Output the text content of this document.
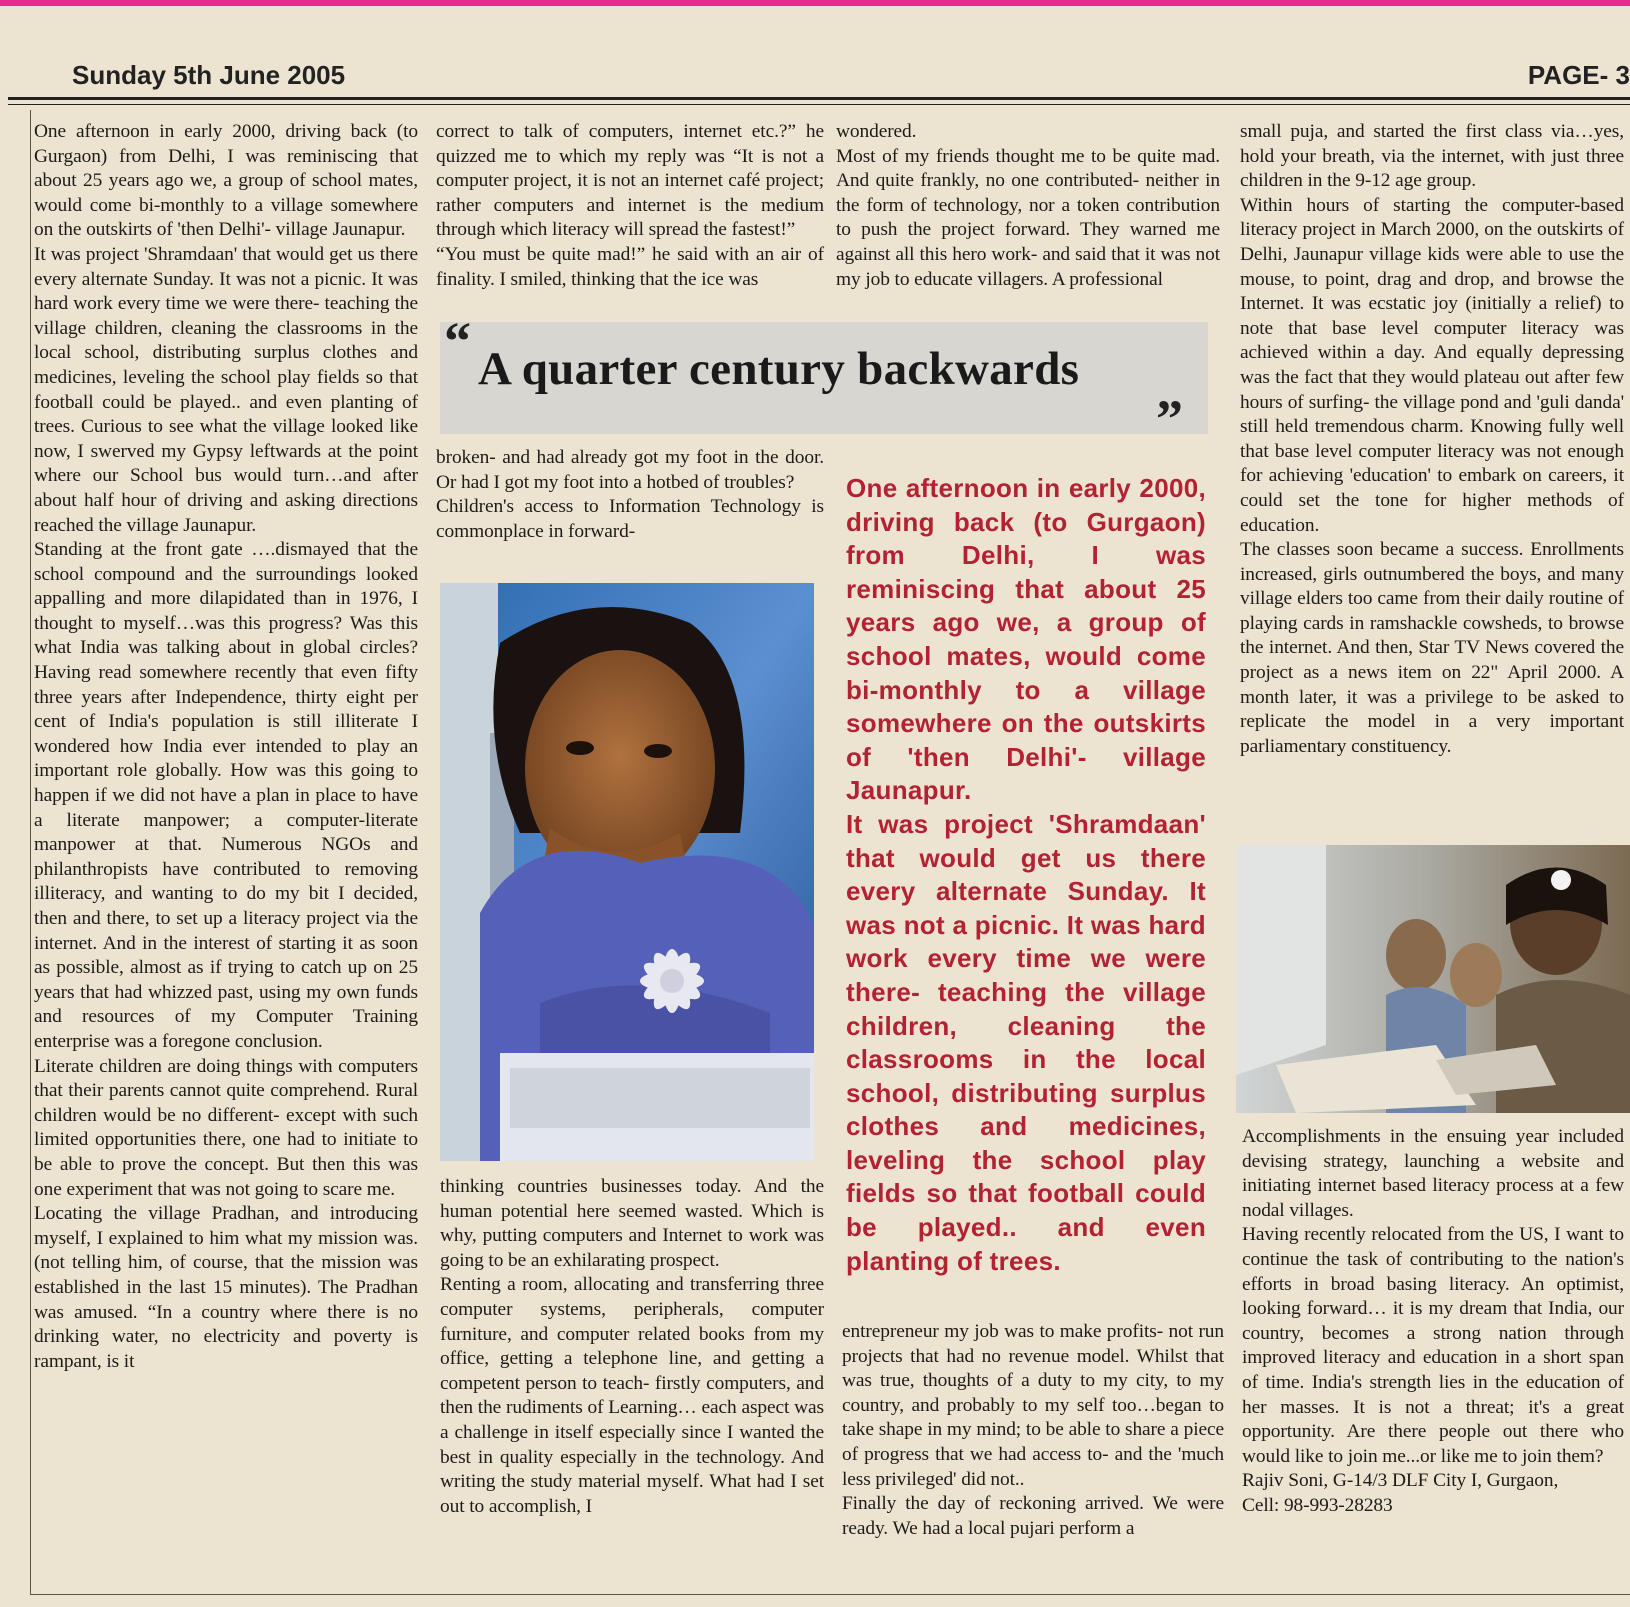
Sunday 5th June 2005	PAGE- 3

One afternoon in early 2000, driving back (to Gurgaon) from Delhi, I was reminiscing that about 25 years ago we, a group of school mates, would come bi-monthly to a village somewhere on the outskirts of 'then Delhi'- village Jaunapur.

It was project 'Shramdaan' that would get us there every alternate Sunday. It was not a picnic. It was hard work every time we were there- teaching the village children, cleaning the classrooms in the local school, distributing surplus clothes and medicines, leveling the school play fields so that football could be played.. and even planting of trees. Curious to see what the village looked like now, I swerved my Gypsy leftwards at the point where our School bus would turn…and after about half hour of driving and asking directions reached the village Jaunapur.

Standing at the front gate ….dismayed that the school compound and the surroundings looked appalling and more dilapidated than in 1976, I thought to myself…was this progress? Was this what India was talking about in global circles? Having read somewhere recently that even fifty three years after Independence, thirty eight per cent of India's population is still illiterate I wondered how India ever intended to play an important role globally. How was this going to happen if we did not have a plan in place to have a literate manpower; a computer-literate manpower at that. Numerous NGOs and philanthropists have contributed to removing illiteracy, and wanting to do my bit I decided, then and there, to set up a literacy project via the internet. And in the interest of starting it as soon as possible, almost as if trying to catch up on 25 years that had whizzed past, using my own funds and resources of my Computer Training enterprise was a foregone conclusion.

Literate children are doing things with computers that their parents cannot quite comprehend. Rural children would be no different- except with such limited opportunities there, one had to initiate to be able to prove the concept. But then this was one experiment that was not going to scare me.

Locating the village Pradhan, and introducing myself, I explained to him what my mission was. (not telling him, of course, that the mission was established in the last 15 minutes). The Pradhan was amused. “In a country where there is no drinking water, no electricity and poverty is rampant, is it

correct to talk of computers, internet etc.?” he quizzed me to which my reply was “It is not a computer project, it is not an internet café project; rather computers and internet is the medium through which literacy will spread the fastest!”

“You must be quite mad!” he said with an air of finality. I smiled, thinking that the ice was

“ A quarter century backwards
”

broken- and had already got my foot in the door. Or had I got my foot into a hotbed of troubles?

Children's access to Information Technology is commonplace in forward-

thinking countries businesses today. And the human potential here seemed wasted. Which is why, putting computers and Internet to work was going to be an exhilarating prospect.

Renting a room, allocating and transferring three computer systems, peripherals, computer furniture, and computer related books from my office, getting a telephone line, and getting a competent person to teach- firstly computers, and then the rudiments of Learning… each aspect was a challenge in itself especially since I wanted the best in quality especially in the technology. And writing the study material myself. What had I set out to accomplish, I

wondered.

Most of my friends thought me to be quite mad. And quite frankly, no one contributed- neither in the form of technology, nor a token contribution to push the project forward. They warned me against all this hero work- and said that it was not my job to educate villagers. A professional

One afternoon in early 2000, driving back (to Gurgaon) from Delhi, I was reminiscing that about 25 years ago we, a group of school mates, would come bi-monthly to a village somewhere on the outskirts of 'then Delhi'- village Jaunapur.

It was project 'Shramdaan' that would get us there every alternate Sunday. It was not a picnic. It was hard work every time we were there- teaching the village children, cleaning the classrooms in the local school, distributing surplus clothes and medicines, leveling the school play fields so that football could be played.. and even planting of trees.

entrepreneur my job was to make profits- not run projects that had no revenue model. Whilst that was true, thoughts of a duty to my city, to my country, and probably to my self too…began to take shape in my mind; to be able to share a piece of progress that we had access to- and the 'much less privileged' did not..

Finally the day of reckoning arrived. We were ready. We had a local pujari perform a

small puja, and started the first class via…yes, hold your breath, via the internet, with just three children in the 9-12 age group.

Within hours of starting the computer-based literacy project in March 2000, on the outskirts of Delhi, Jaunapur village kids were able to use the mouse, to point, drag and drop, and browse the Internet. It was ecstatic joy (initially a relief) to note that base level computer literacy was achieved within a day. And equally depressing was the fact that they would plateau out after few hours of surfing- the village pond and 'guli danda' still held tremendous charm. Knowing fully well that base level computer literacy was not enough for achieving 'education' to embark on careers, it could set the tone for higher methods of education.

The classes soon became a success. Enrollments increased, girls outnumbered the boys, and many village elders too came from their daily routine of playing cards in ramshackle cowsheds, to browse the internet. And then, Star TV News covered the project as a news item on 22" April 2000. A month later, it was a privilege to be asked to replicate the model in a very important parliamentary constituency.

Accomplishments in the ensuing year included devising strategy, launching a website and initiating internet based literacy process at a few nodal villages.

Having recently relocated from the US, I want to continue the task of contributing to the nation's efforts in broad basing literacy. An optimist, looking forward… it is my dream that India, our country, becomes a strong nation through improved literacy and education in a short span of time. India's strength lies in the education of her masses. It is not a threat; it's a great opportunity. Are there people out there who would like to join me...or like me to join them?

Rajiv Soni, G-14/3 DLF City I, Gurgaon,
Cell: 98-993-28283
